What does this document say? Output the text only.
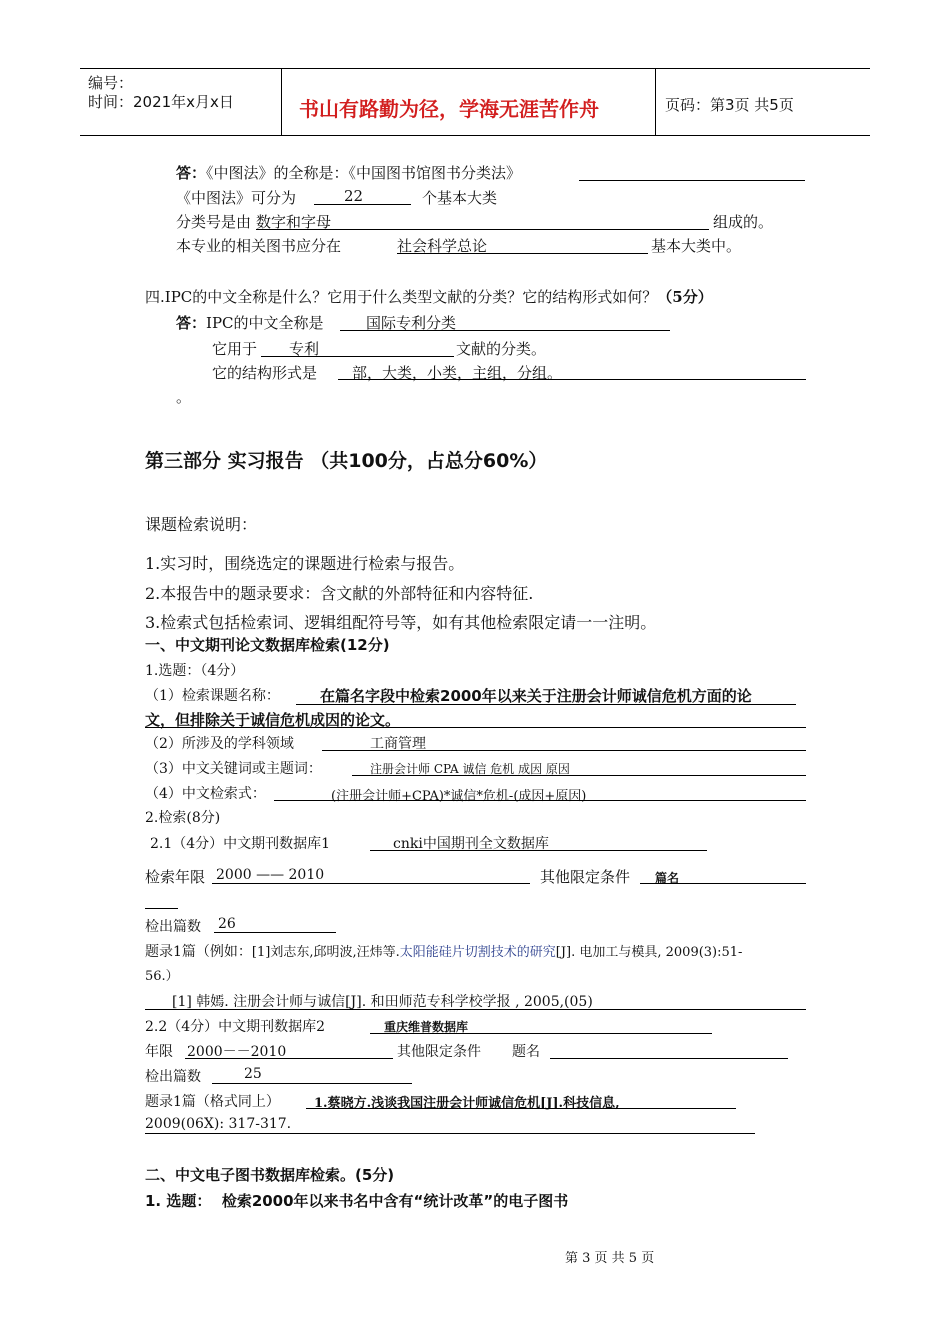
编号：
时间：2021年x月x日	书山有路勤为径，学海无涯苦作舟	页码：第3页 共5页
答：《中图法》的全称是：《中国图书馆图书分类法》
《中图法》可分为	22	个基本大类
分类号是由 数字和字母	组成的。
本专业的相关图书应分在	社会科学总论	基本大类中。
四.IPC的中文全称是什么？它用于什么类型文献的分类？它的结构形式如何？（5分）
答：IPC的中文全称是	国际专利分类
它用于 专利	文献的分类。
它的结构形式是 部，大类，小类，主组，分组。
。
第三部分 实习报告 （共100分，占总分60%）
课题检索说明：
1.实习时，围绕选定的课题进行检索与报告。
2.本报告中的题录要求：含文献的外部特征和内容特征.
3.检索式包括检索词、逻辑组配符号等，如有其他检索限定请一一注明。
一、中文期刊论文数据库检索(12分)
1.选题：（4分）
（1）检索课题名称：	在篇名字段中检索2000年以来关于注册会计师诚信危机方面的论
文，但排除关于诚信危机成因的论文。
（2）所涉及的学科领域	工商管理
（3）中文关键词或主题词：	注册会计师 CPA 诚信 危机 成因 原因
（4）中文检索式：	(注册会计师+CPA)*诚信*危机-(成因+原因)
2.检索(8分)
2.1（4分）中文期刊数据库1	cnki中国期刊全文数据库
检索年限 2000 —— 2010	其他限定条件 篇名
检出篇数 26
题录1篇（例如：[1]刘志东,邱明波,汪炜等.太阳能硅片切割技术的研究[J]. 电加工与模具, 2009(3):51-
56.）
[1] 韩嫣. 注册会计师与诚信[J]. 和田师范专科学校学报 , 2005,(05)
2.2（4分）中文期刊数据库2	重庆维普数据库
年限 2000－－2010	其他限定条件 题名
检出篇数	25
题录1篇（格式同上）	1.蔡晓方.浅谈我国注册会计师诚信危机[J].科技信息,
2009(06X): 317-317.
二、中文电子图书数据库检索。(5分)
1. 选题： 检索2000年以来书名中含有“统计改革”的电子图书
第 3 页 共 5 页
